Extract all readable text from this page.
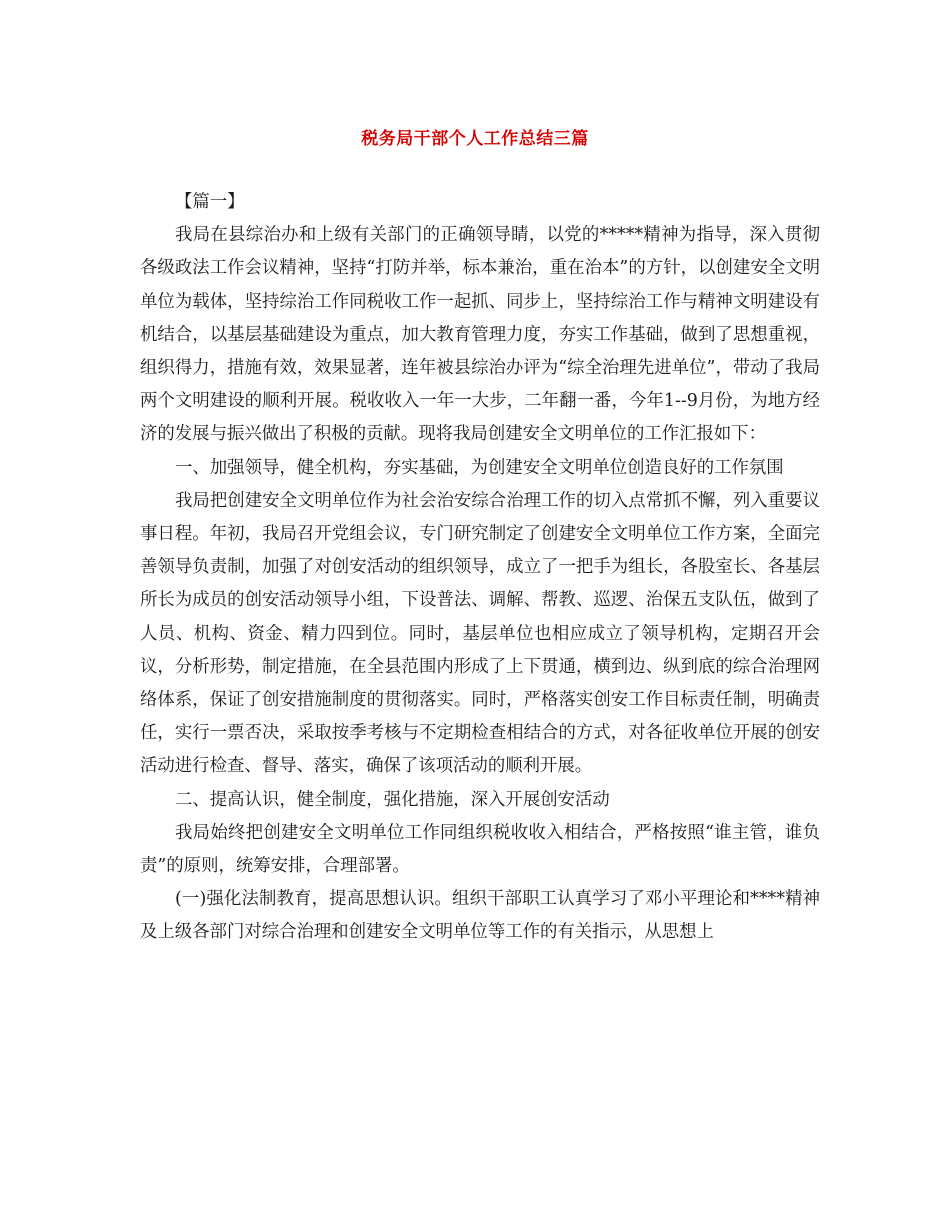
税务局干部个人工作总结三篇

【篇一】

我局在县综治办和上级有关部门的正确领导睛，以党的*****精神为指导，深入贯彻各级政法工作会议精神，坚持“打防并举，标本兼治，重在治本”的方针，以创建安全文明单位为载体，坚持综治工作同税收工作一起抓、同步上，坚持综治工作与精神文明建设有机结合，以基层基础建设为重点，加大教育管理力度，夯实工作基础，做到了思想重视，组织得力，措施有效，效果显著，连年被县综治办评为“综全治理先进单位”，带动了我局两个文明建设的顺利开展。税收收入一年一大步，二年翻一番，今年1--9月份，为地方经济的发展与振兴做出了积极的贡献。现将我局创建安全文明单位的工作汇报如下：

一、加强领导，健全机构，夯实基础，为创建安全文明单位创造良好的工作氛围

我局把创建安全文明单位作为社会治安综合治理工作的切入点常抓不懈，列入重要议事日程。年初，我局召开党组会议，专门研究制定了创建安全文明单位工作方案，全面完善领导负责制，加强了对创安活动的组织领导，成立了一把手为组长，各股室长、各基层所长为成员的创安活动领导小组，下设普法、调解、帮教、巡逻、治保五支队伍，做到了人员、机构、资金、精力四到位。同时，基层单位也相应成立了领导机构，定期召开会议，分析形势，制定措施，在全县范围内形成了上下贯通，横到边、纵到底的综合治理网络体系，保证了创安措施制度的贯彻落实。同时，严格落实创安工作目标责任制，明确责任，实行一票否决，采取按季考核与不定期检查相结合的方式，对各征收单位开展的创安活动进行检查、督导、落实，确保了该项活动的顺利开展。

二、提高认识，健全制度，强化措施，深入开展创安活动

我局始终把创建安全文明单位工作同组织税收收入相结合，严格按照“谁主管，谁负责”的原则，统筹安排，合理部署。

(一)强化法制教育，提高思想认识。组织干部职工认真学习了邓小平理论和****精神及上级各部门对综合治理和创建安全文明单位等工作的有关指示，从思想上
